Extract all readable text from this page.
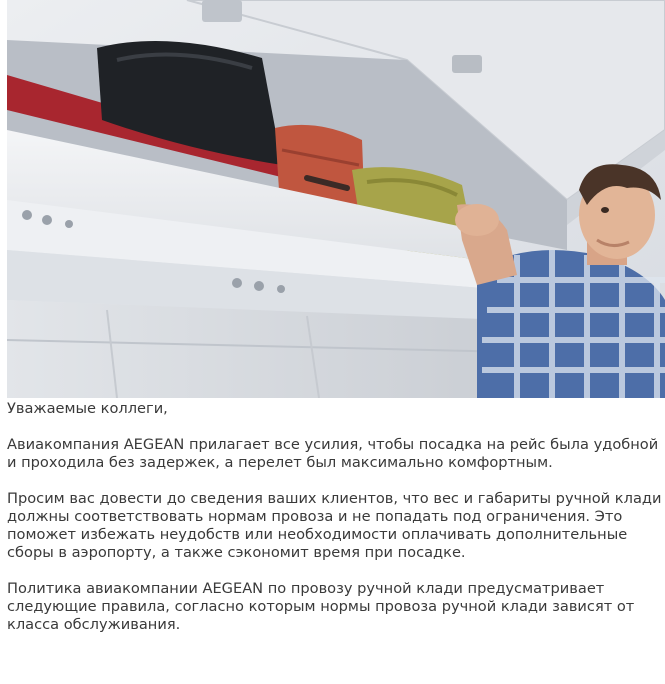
Уважаемые коллеги,

Авиакомпания AEGEAN прилагает все усилия, чтобы посадка на рейс была удобной и проходила без задержек, а перелет был максимально комфортным.

Просим вас довести до сведения ваших клиентов, что вес и габариты ручной клади должны соответствовать нормам провоза и не попадать под ограничения. Это поможет избежать неудобств или необходимости оплачивать дополнительные сборы в аэропорту, а также сэкономит время при посадке.

Политика авиакомпании AEGEAN по провозу ручной клади предусматривает следующие правила, согласно которым нормы провоза ручной клади зависят от класса обслуживания.
